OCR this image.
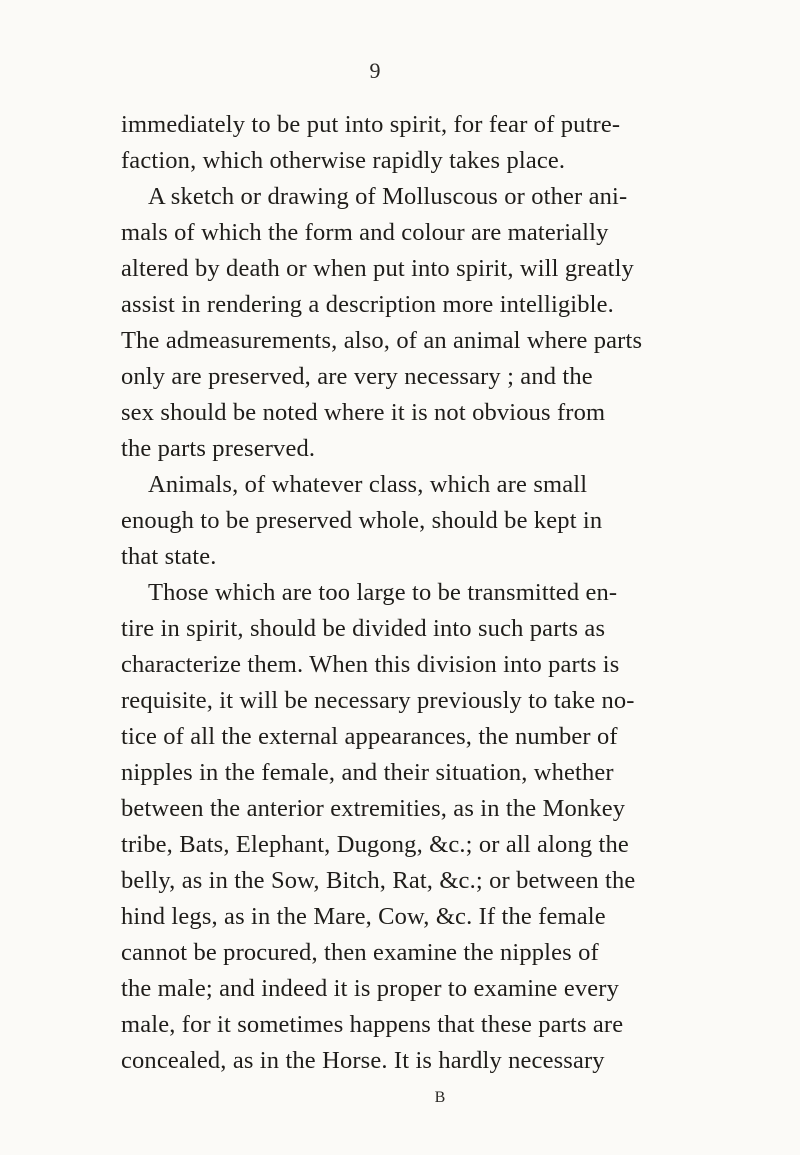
9

immediately to be put into spirit, for fear of putre-

faction, which otherwise rapidly takes place.

A sketch or drawing of Molluscous or other ani-

mals of which the form and colour are materially

altered by death or when put into spirit, will greatly

assist in rendering a description more intelligible.

The admeasurements, also, of an animal where parts

only are preserved, are very necessary ; and the

sex should be noted where it is not obvious from

the parts preserved.

Animals, of whatever class, which are small

enough to be preserved whole, should be kept in

that state.

Those which are too large to be transmitted en-

tire in spirit, should be divided into such parts as

characterize them. When this division into parts is

requisite, it will be necessary previously to take no-

tice of all the external appearances, the number of

nipples in the female, and their situation, whether

between the anterior extremities, as in the Monkey

tribe, Bats, Elephant, Dugong, &c.; or all along the

belly, as in the Sow, Bitch, Rat, &c.; or between the

hind legs, as in the Mare, Cow, &c. If the female

cannot be procured, then examine the nipples of

the male; and indeed it is proper to examine every

male, for it sometimes happens that these parts are

concealed, as in the Horse. It is hardly necessary

B
